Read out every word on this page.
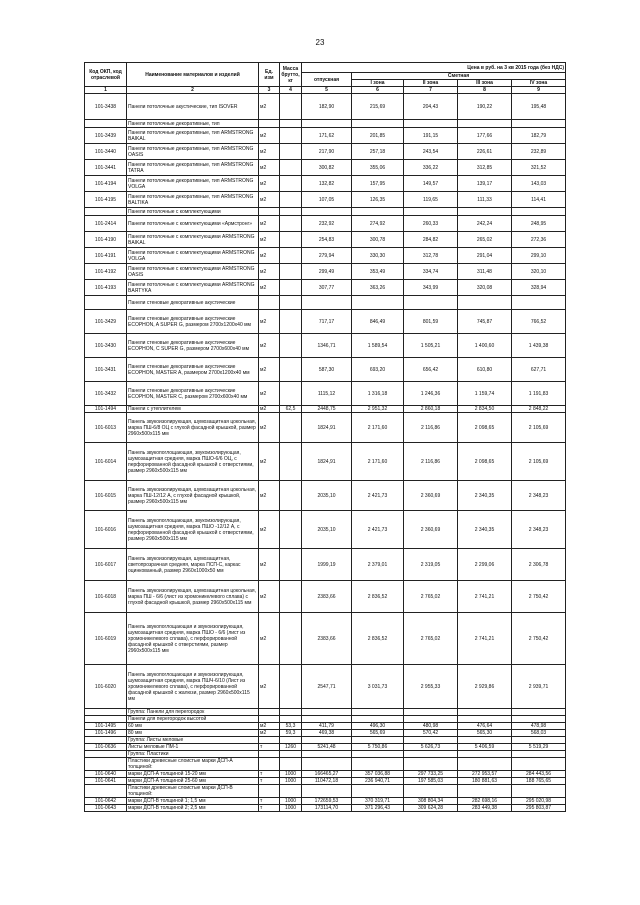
23
Код ОКП, код отраслевой	Наименование материалов и изделий	Ед. изм	Масса брутто, кг	Цена в руб. на 3 кв 2015 года (без НДС)				
				отпускная	Сметная			
					I зона	II зона	III зона	IV зона
1	2	3	4	5	6	7	8	9
101-3438	Панели потолочные акустические, тип ISOVER	м2		182,90	215,69	204,43	190,22	195,48
	Панели потолочные декоративные, тип							
101-3439	Панели потолочные декоративные, тип ARMSTRONG BAIKAL	м2		171,62	201,85	191,15	177,66	182,79
101-3440	Панели потолочные декоративные, тип ARMSTRONG OASIS	м2		217,90	257,18	243,54	226,61	232,89
101-3441	Панели потолочные декоративные, тип ARMSTRONG TATRA	м2		300,82	355,06	336,22	312,85	321,52
101-4194	Панели потолочные декоративные, тип ARMSTRONG VOLGA	м2		132,82	157,95	149,57	139,17	143,03
101-4195	Панели потолочные декоративные, тип ARMSTRONG BALTIKA	м2		107,05	126,35	119,65	111,33	114,41
	Панели потолочные с комплектующими							
101-2414	Панели потолочные с комплектующими «Армстронг»	м2		232,92	274,92	260,33	242,24	248,95
101-4190	Панели потолочные с комплектующими ARMSTRONG BAIKAL	м2		254,83	300,78	284,82	265,02	272,36
101-4191	Панели потолочные с комплектующими ARMSTRONG VOLGA	м2		279,94	330,30	312,78	291,04	299,10
101-4192	Панели потолочные с комплектующими ARMSTRONG OASIS	м2		299,49	353,49	334,74	311,48	320,10
101-4193	Панели потолочные с комплектующими ARMSTRONG BAЯTYKA	м2		307,77	363,26	343,99	320,08	328,94
	Панели стеновые декоративные акустические							
101-3429	Панели стеновые декоративные акустические ECOPHON, A SUPER G, размером 2700х1200х40 мм	м2		717,17	846,49	801,59	745,87	766,52
101-3430	Панели стеновые декоративные акустические ECOPHON, C SUPER G, размером 2700х600х40 мм	м2		1346,71	1 589,54	1 505,21	1 400,60	1 439,38
101-3431	Панели стеновые декоративные акустические ECOPHON, MASTER A, размером 2700х1200х40 мм	м2		587,30	693,20	656,42	610,80	627,71
101-3432	Панели стеновые декоративные акустические ECOPHON, MASTER C, размером 2700х600х40 мм	м2		1115,12	1 316,18	1 246,36	1 159,74	1 191,83
101-1494	Панели с утеплителем	м2	62,5	2448,75	2 951,32	2 860,18	2 834,50	2 848,22
101-6013	Панель звукоизолирующая, шумозащитная цокольная, марка ПШ-6/8 ОЦ с глухой фасадной крышкой, размер 2960х500х115 мм	м2		1824,91	2 171,60	2 116,86	2 098,65	2 105,69
101-6014	Панель звукопоглощающая, звукоизолирующая, шумозащитная средняя, марка ПШО-6/6 ОЦ, с перфорированной фасадной крышкой с отверстиями, размер 2960х500х115 мм	м2		1824,91	2 171,60	2 116,86	2 098,65	2 105,69
101-6015	Панель звукоизолирующая, шумозащитная цокольная, марка ПШ-12/12 А, с глухой фасадной крышкой, размер 2960х500х115 мм	м2		2035,10	2 421,73	2 360,69	2 340,35	2 348,23
101-6016	Панель звукопоглощающая, звукоизолирующая, шумозащитная средняя, марка ПШО -12/12 А, с перфорированной фасадной крышкой с отверстиями, размер 2960х500х115 мм	м2		2035,10	2 421,73	2 360,69	2 340,35	2 348,23
101-6017	Панель звукоизолирующая, шумозащитная, светопрозрачная средняя, марка ПСП-С, каркас оцинкованный, размер 2960х1000х50 мм	м2		1999,19	2 379,01	2 319,05	2 299,06	2 306,78
101-6018	Панель звукоизолирующая, шумозащитная цокольная, марка ПШ - 6/6 (лист из хромоникелевого сплава) с глухой фасадной крышкой, размер 2960х500х115 мм	м2		2383,66	2 836,52	2 765,02	2 741,21	2 750,42
101-6019	Панель звукопоглощающая и звукоизолирующая, шумозащитная средняя, марка ПШО - 6/6 (лист из хромоникелевого сплава), с перфорированной фасадной крышкой с отверстиями, размер 2960х500х115 мм	м2		2383,66	2 836,52	2 765,02	2 741,21	2 750,42
101-6020	Панель звукопоглощающая и звукоизолирующая, шумозащитная средняя, марка ПШЧ-6/10 (Лист из хромоникелевого сплава), с перфорированной фасадной крышкой с жалюзи, размер 2960х500х115 мм	м2		2547,71	3 031,73	2 955,33	2 929,86	2 939,71
	Группа: Панели для перегородок							
	Панели для перегородок высотой							
101-1495	60 мм	м2	53,3	411,79	496,30	480,98	476,64	478,98
101-1496	80 мм	м2	59,3	469,38	565,69	570,42	565,30	568,03
	Группа: Листы меловые							
101-0636	Листы меловые ПМ-1	т	1260	5241,48	5 750,86	5 626,73	5 406,59	5 519,29
	Группа: Пластики							
	Пластики древесные слоистые марки ДСП-А толщиной:							
101-0640	марки ДСП-А толщиной 15-20 мм	т	1000	166465,27	357 036,88	297 733,25	272 953,57	284 443,56
101-0641	марки ДСП-А толщиной 25-60 мм	т	1000	110472,18	236 940,71	197 585,03	180 881,63	188 765,65
	Пластики древесные слоистые марки ДСП-В толщиной:							
101-0642	марки ДСП-В толщиной 1; 1,5 мм	т	1000	172659,53	370 319,71	308 804,34	282 698,16	295 020,98
101-0643	марки ДСП-В толщиной 2; 2,5 мм	т	1000	173114,70	371 296,43	309 624,28	283 449,38	295 803,87
